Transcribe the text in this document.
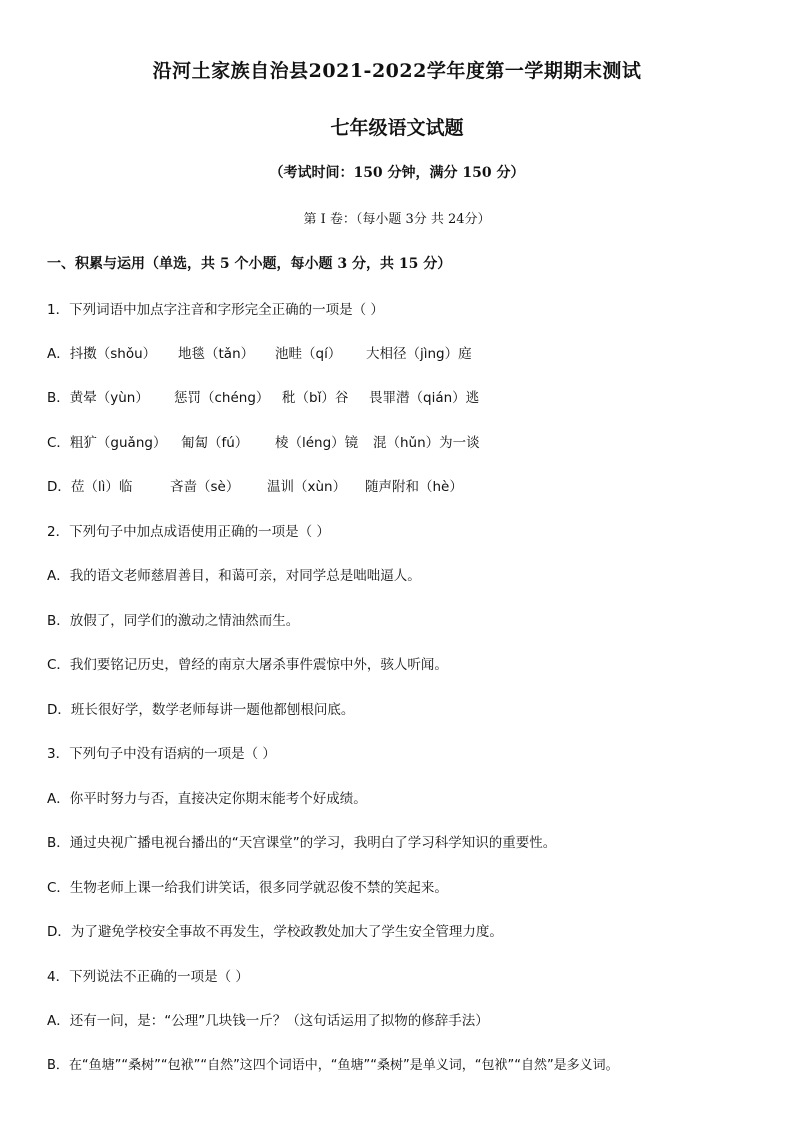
沿河土家族自治县2021-2022学年度第一学期期末测试
七年级语文试题
（考试时间：150 分钟，满分 150 分）
第 I 卷：（每小题 3分 共 24分）
一、积累与运用（单选，共 5 个小题，每小题 3 分，共 15 分）
1．下列词语中加点字注音和字形完全正确的一项是（ ）
A．抖擞（shǒu） 地毯（tǎn） 池畦（qí） 大相径（jìng）庭
B．黄晕（yùn） 惩罚（chéng） 秕（bǐ）谷 畏罪潜（qián）逃
C．粗犷（guǎng） 匍匐（fú） 棱（léng）镜 混（hǔn）为一谈
D．莅（lì）临	吝啬（sè） 温训（xùn） 随声附和（hè）
2．下列句子中加点成语使用正确的一项是（ ）
A．我的语文老师慈眉善目，和蔼可亲，对同学总是咄咄逼人。
B．放假了，同学们的激动之情油然而生。
C．我们要铭记历史，曾经的南京大屠杀事件震惊中外，骇人听闻。
D．班长很好学，数学老师每讲一题他都刨根问底。
3．下列句子中没有语病的一项是（ ）
A．你平时努力与否，直接决定你期末能考个好成绩。
B．通过央视广播电视台播出的“天宫课堂”的学习，我明白了学习科学知识的重要性。
C．生物老师上课一给我们讲笑话，很多同学就忍俊不禁的笑起来。
D．为了避免学校安全事故不再发生，学校政教处加大了学生安全管理力度。
4．下列说法不正确的一项是（ ）
A．还有一问，是：“公理”几块钱一斤？（这句话运用了拟物的修辞手法）
B．在“鱼塘”“桑树”“包袱”“自然”这四个词语中，“鱼塘”“桑树”是单义词，“包袱”“自然”是多义词。
